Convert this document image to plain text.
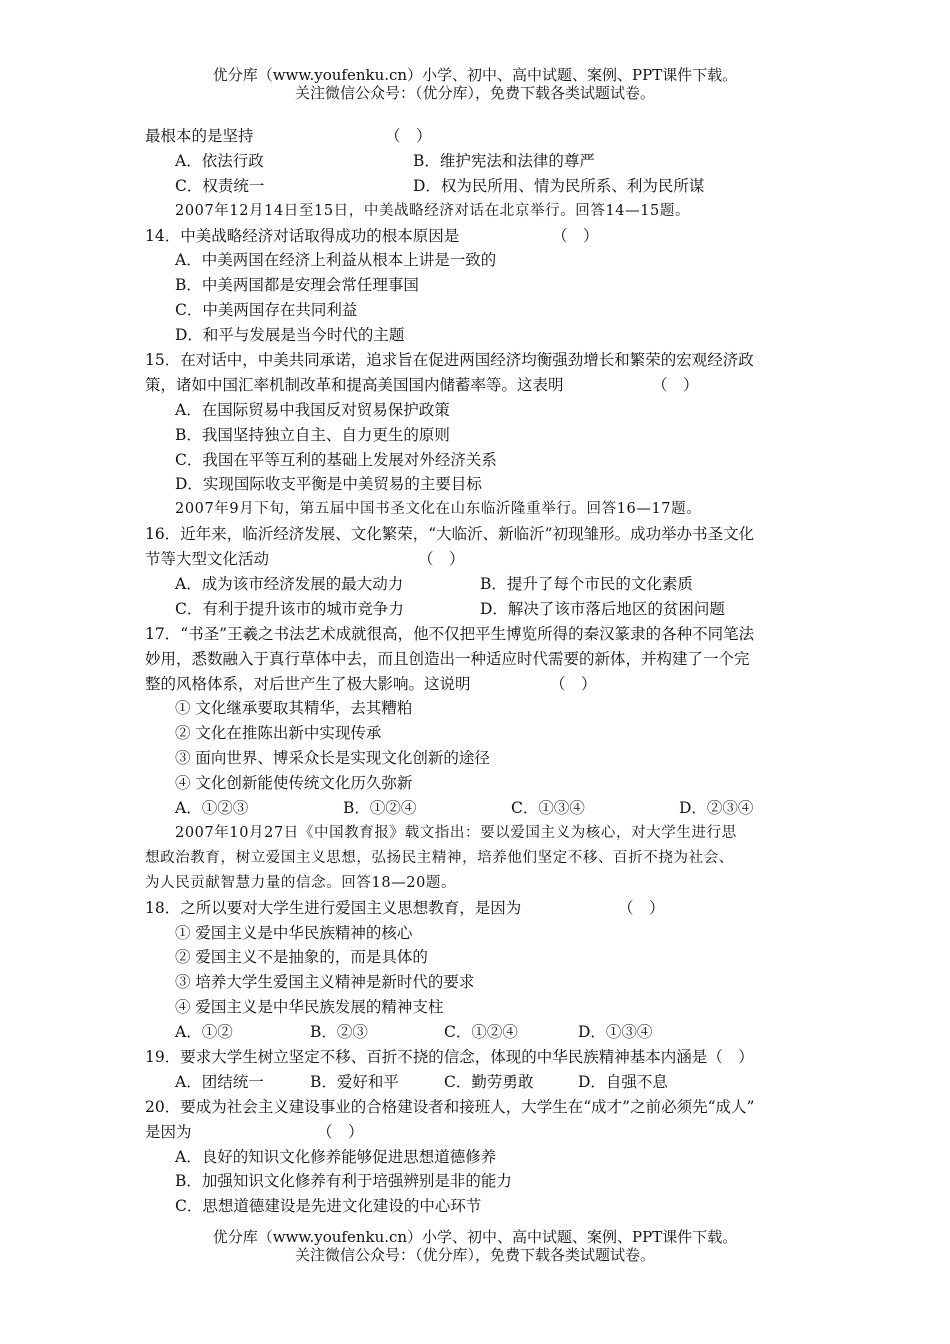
优分库（www.youfenku.cn）小学、初中、高中试题、案例、PPT课件下载。
关注微信公众号：（优分库），免费下载各类试题试卷。
最根本的是坚持	（　）
A．依法行政	B．维护宪法和法律的尊严
C．权责统一	D．权为民所用、情为民所系、利为民所谋
2007年12月14日至15日，中美战略经济对话在北京举行。回答14—15题。
14．中美战略经济对话取得成功的根本原因是	（　）
A．中美两国在经济上利益从根本上讲是一致的
B．中美两国都是安理会常任理事国
C．中美两国存在共同利益
D．和平与发展是当今时代的主题
15．在对话中，中美共同承诺，追求旨在促进两国经济均衡强劲增长和繁荣的宏观经济政
策，诸如中国汇率机制改革和提高美国国内储蓄率等。这表明	（　）
A．在国际贸易中我国反对贸易保护政策
B．我国坚持独立自主、自力更生的原则
C．我国在平等互利的基础上发展对外经济关系
D．实现国际收支平衡是中美贸易的主要目标
2007年9月下旬，第五届中国书圣文化在山东临沂隆重举行。回答16—17题。
16．近年来，临沂经济发展、文化繁荣，“大临沂、新临沂”初现雏形。成功举办书圣文化
节等大型文化活动	（　）
A．成为该市经济发展的最大动力	B．提升了每个市民的文化素质
C．有利于提升该市的城市竞争力	D．解决了该市落后地区的贫困问题
17．“书圣”王羲之书法艺术成就很高，他不仅把平生博览所得的秦汉篆隶的各种不同笔法
妙用，悉数融入于真行草体中去，而且创造出一种适应时代需要的新体，并构建了一个完
整的风格体系，对后世产生了极大影响。这说明	（　）
① 文化继承要取其精华，去其糟粕
② 文化在推陈出新中实现传承
③ 面向世界、博采众长是实现文化创新的途径
④ 文化创新能使传统文化历久弥新
A．①②③	B．①②④	C．①③④	D．②③④
2007年10月27日《中国教育报》载文指出：要以爱国主义为核心，对大学生进行思
想政治教育，树立爱国主义思想，弘扬民主精神，培养他们坚定不移、百折不挠为社会、
为人民贡献智慧力量的信念。回答18—20题。
18．之所以要对大学生进行爱国主义思想教育，是因为	（　）
① 爱国主义是中华民族精神的核心
② 爱国主义不是抽象的，而是具体的
③ 培养大学生爱国主义精神是新时代的要求
④ 爱国主义是中华民族发展的精神支柱
A．①②	B．②③	C．①②④	D．①③④
19．要求大学生树立坚定不移、百折不挠的信念，体现的中华民族精神基本内涵是（　）
A．团结统一	B．爱好和平	C．勤劳勇敢	D．自强不息
20．要成为社会主义建设事业的合格建设者和接班人，大学生在“成才”之前必须先“成人”
是因为	（　）
A．良好的知识文化修养能够促进思想道德修养
B．加强知识文化修养有利于培强辨别是非的能力
C．思想道德建设是先进文化建设的中心环节
优分库（www.youfenku.cn）小学、初中、高中试题、案例、PPT课件下载。
关注微信公众号：（优分库），免费下载各类试题试卷。
